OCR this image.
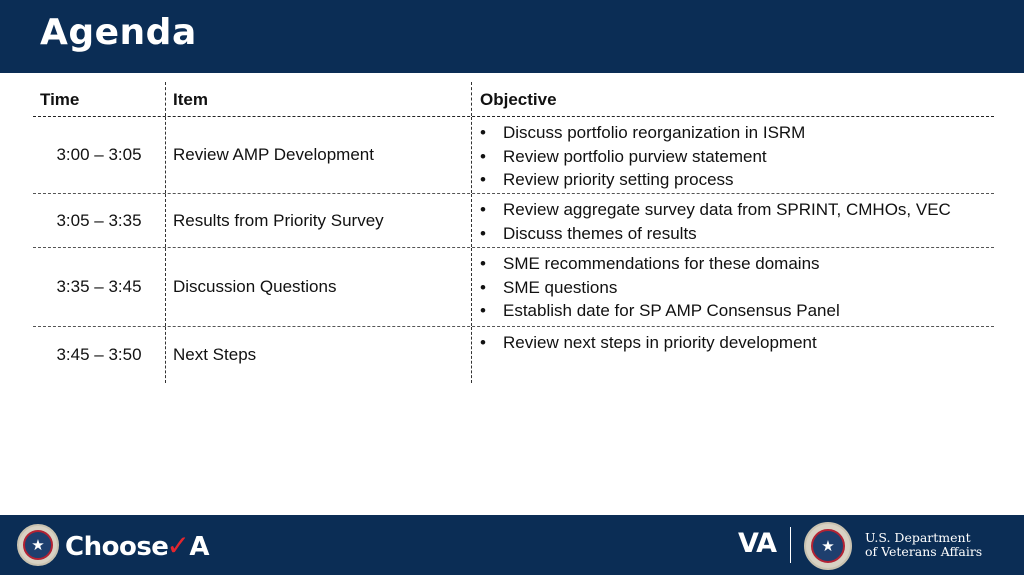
Agenda
Time	Item	Objective
3:00 – 3:05	Review AMP Development
• Discuss portfolio reorganization in ISRM
• Review portfolio purview statement
• Review priority setting process
3:05 – 3:35	Results from Priority Survey
• Review aggregate survey data from SPRINT, CMHOs, VEC
• Discuss themes of results
3:35 – 3:45	Discussion Questions
• SME recommendations for these domains
• SME questions
• Establish date for SP AMP Consensus Panel
3:45 – 3:50	Next Steps
• Review next steps in priority development
★ Choose✓A	VA	★
U.S. Department
of Veterans Affairs
